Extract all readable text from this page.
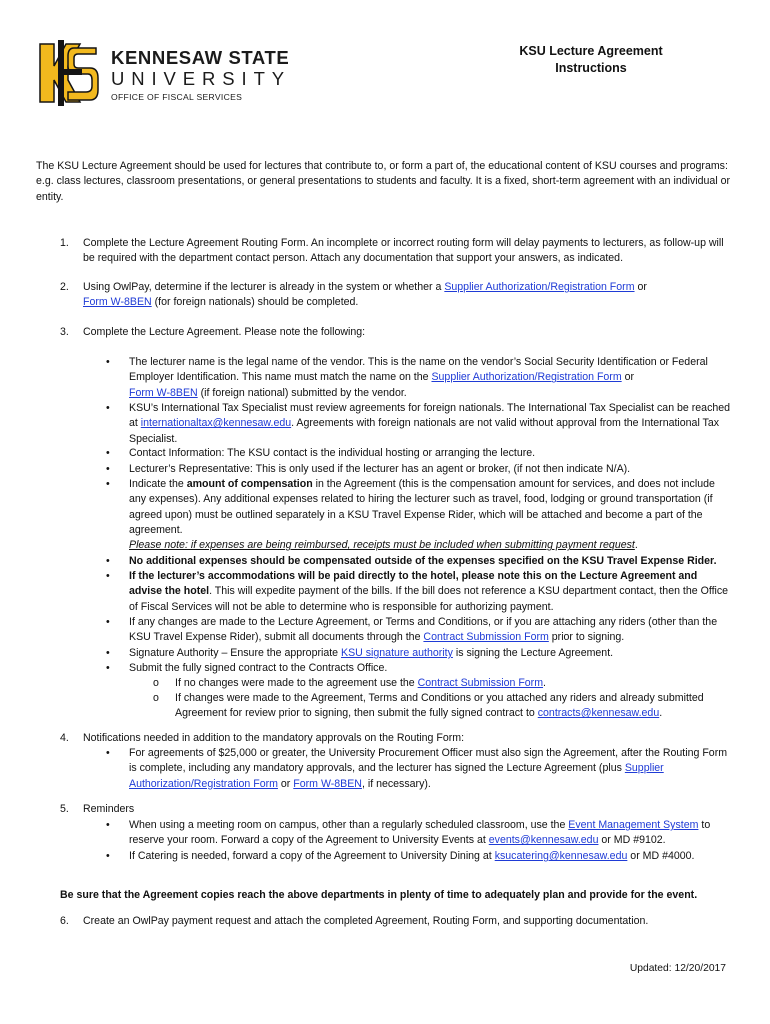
KENNESAW STATE
UNIVERSITY
OFFICE OF FISCAL SERVICES
KSU Lecture Agreement
Instructions
The KSU Lecture Agreement should be used for lectures that contribute to, or form a part of, the educational content of KSU courses and programs: e.g. class lectures, classroom presentations, or general presentations to students and faculty. It is a fixed, short-term agreement with an individual or entity.
1. Complete the Lecture Agreement Routing Form. An incomplete or incorrect routing form will delay payments to lecturers, as follow-up will be required with the department contact person. Attach any documentation that support your answers, as indicated.
2. Using OwlPay, determine if the lecturer is already in the system or whether a Supplier Authorization/Registration Form or
Form W-8BEN (for foreign nationals) should be completed.
3. Complete the Lecture Agreement. Please note the following:
• The lecturer name is the legal name of the vendor. This is the name on the vendor’s Social Security Identification or Federal Employer Identification. This name must match the name on the Supplier Authorization/Registration Form or
Form W-8BEN (if foreign national) submitted by the vendor.
• KSU’s International Tax Specialist must review agreements for foreign nationals. The International Tax Specialist can be reached at internationaltax@kennesaw.edu. Agreements with foreign nationals are not valid without approval from the International Tax Specialist.
• Contact Information: The KSU contact is the individual hosting or arranging the lecture.
• Lecturer’s Representative: This is only used if the lecturer has an agent or broker, (if not then indicate N/A).
• Indicate the amount of compensation in the Agreement (this is the compensation amount for services, and does not include any expenses). Any additional expenses related to hiring the lecturer such as travel, food, lodging or ground transportation (if agreed upon) must be outlined separately in a KSU Travel Expense Rider, which will be attached and become a part of the agreement.
Please note: if expenses are being reimbursed, receipts must be included when submitting payment request.
• No additional expenses should be compensated outside of the expenses specified on the KSU Travel Expense Rider.
• If the lecturer’s accommodations will be paid directly to the hotel, please note this on the Lecture Agreement and advise the hotel. This will expedite payment of the bills. If the bill does not reference a KSU department contact, then the Office of Fiscal Services will not be able to determine who is responsible for authorizing payment.
• If any changes are made to the Lecture Agreement, or Terms and Conditions, or if you are attaching any riders (other than the KSU Travel Expense Rider), submit all documents through the Contract Submission Form prior to signing.
• Signature Authority – Ensure the appropriate KSU signature authority is signing the Lecture Agreement.
• Submit the fully signed contract to the Contracts Office.
o If no changes were made to the agreement use the Contract Submission Form.
o If changes were made to the Agreement, Terms and Conditions or you attached any riders and already submitted Agreement for review prior to signing, then submit the fully signed contract to contracts@kennesaw.edu.
4. Notifications needed in addition to the mandatory approvals on the Routing Form:
• For agreements of $25,000 or greater, the University Procurement Officer must also sign the Agreement, after the Routing Form is complete, including any mandatory approvals, and the lecturer has signed the Lecture Agreement (plus Supplier
Authorization/Registration Form or Form W-8BEN, if necessary).
5. Reminders
• When using a meeting room on campus, other than a regularly scheduled classroom, use the Event Management System to reserve your room. Forward a copy of the Agreement to University Events at events@kennesaw.edu or MD #9102.
• If Catering is needed, forward a copy of the Agreement to University Dining at ksucatering@kennesaw.edu or MD #4000.
Be sure that the Agreement copies reach the above departments in plenty of time to adequately plan and provide for the event.
6. Create an OwlPay payment request and attach the completed Agreement, Routing Form, and supporting documentation.
Updated: 12/20/2017
